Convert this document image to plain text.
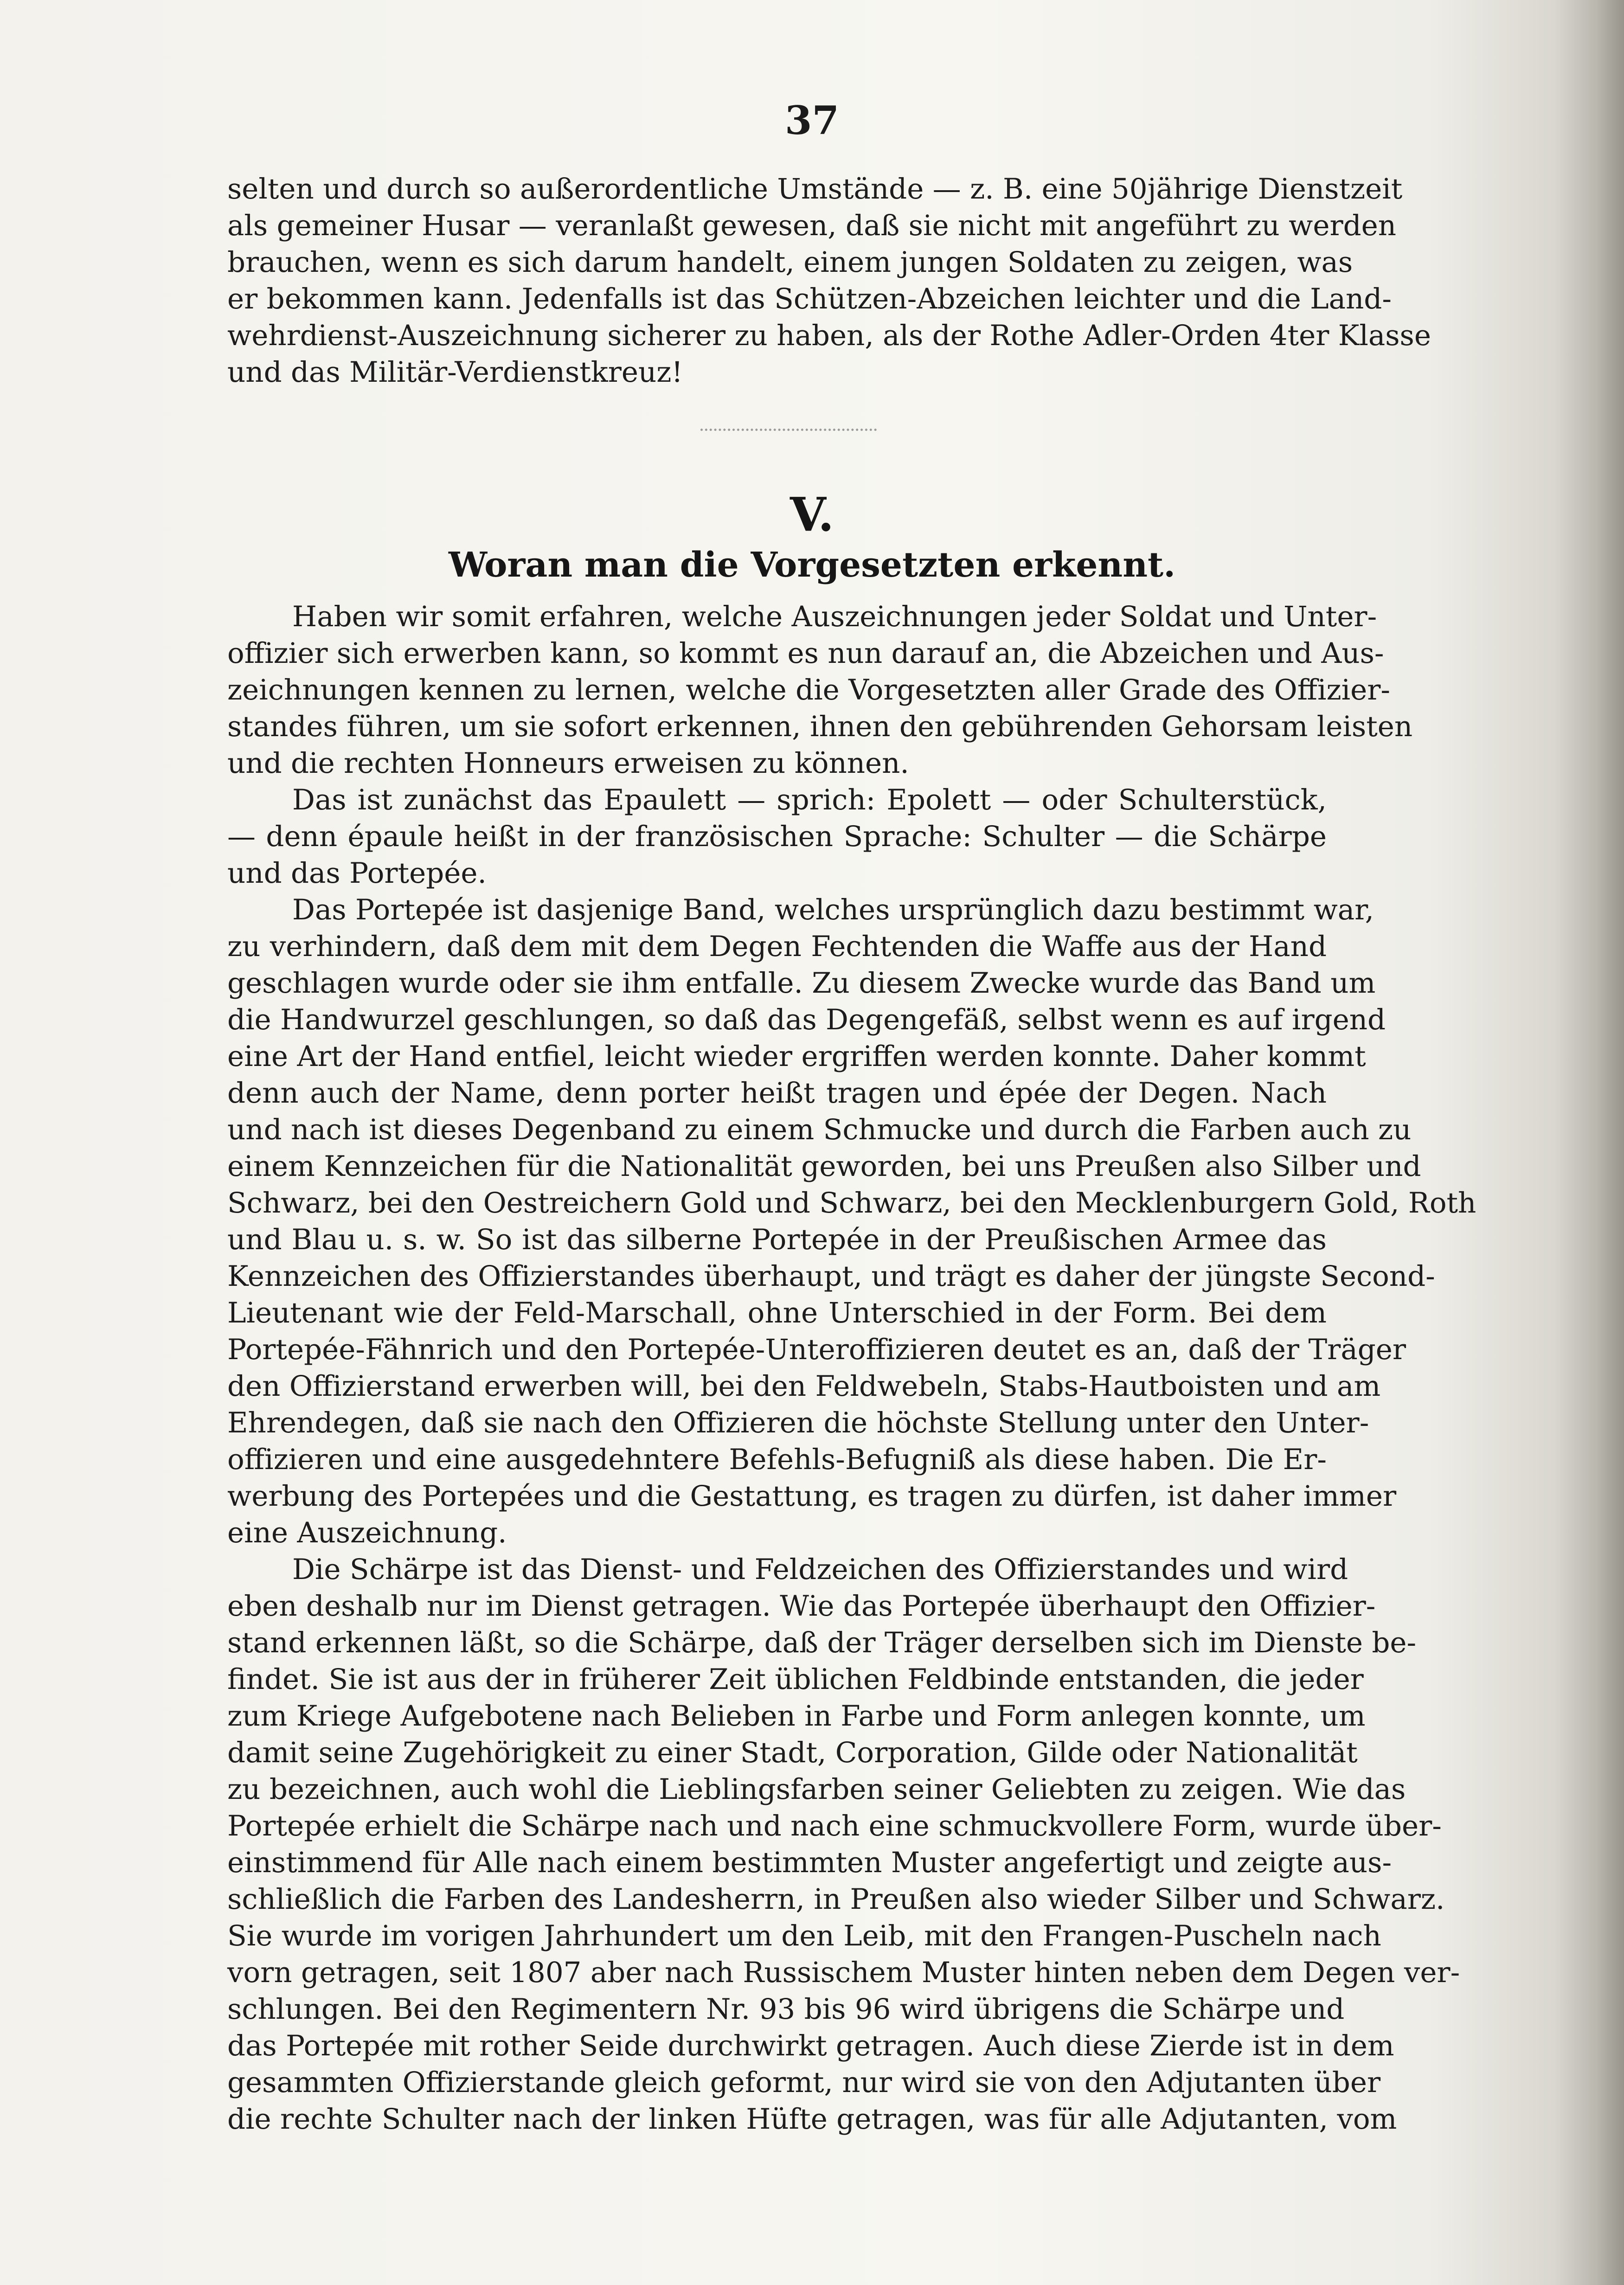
37
selten und durch so außerordentliche Umstände — z. B. eine 50jährige Dienstzeit
als gemeiner Husar — veranlaßt gewesen, daß sie nicht mit angeführt zu werden
brauchen, wenn es sich darum handelt, einem jungen Soldaten zu zeigen, was
er bekommen kann. Jedenfalls ist das Schützen-Abzeichen leichter und die Land-
wehrdienst-Auszeichnung sicherer zu haben, als der Rothe Adler-Orden 4ter Klasse
und das Militär-Verdienstkreuz!
V.
Woran man die Vorgesetzten erkennt.
Haben wir somit erfahren, welche Auszeichnungen jeder Soldat und Unter-
offizier sich erwerben kann, so kommt es nun darauf an, die Abzeichen und Aus-
zeichnungen kennen zu lernen, welche die Vorgesetzten aller Grade des Offizier-
standes führen, um sie sofort erkennen, ihnen den gebührenden Gehorsam leisten
und die rechten Honneurs erweisen zu können.
Das ist zunächst das Epaulett — sprich: Epolett — oder Schulterstück,
— denn épaule heißt in der französischen Sprache: Schulter — die Schärpe
und das Portepée.
Das Portepée ist dasjenige Band, welches ursprünglich dazu bestimmt war,
zu verhindern, daß dem mit dem Degen Fechtenden die Waffe aus der Hand
geschlagen wurde oder sie ihm entfalle. Zu diesem Zwecke wurde das Band um
die Handwurzel geschlungen, so daß das Degengefäß, selbst wenn es auf irgend
eine Art der Hand entfiel, leicht wieder ergriffen werden konnte. Daher kommt
denn auch der Name, denn porter heißt tragen und épée der Degen. Nach
und nach ist dieses Degenband zu einem Schmucke und durch die Farben auch zu
einem Kennzeichen für die Nationalität geworden, bei uns Preußen also Silber und
Schwarz, bei den Oestreichern Gold und Schwarz, bei den Mecklenburgern Gold, Roth
und Blau u. s. w. So ist das silberne Portepée in der Preußischen Armee das
Kennzeichen des Offizierstandes überhaupt, und trägt es daher der jüngste Second-
Lieutenant wie der Feld-Marschall, ohne Unterschied in der Form. Bei dem
Portepée-Fähnrich und den Portepée-Unteroffizieren deutet es an, daß der Träger
den Offizierstand erwerben will, bei den Feldwebeln, Stabs-Hautboisten und am
Ehrendegen, daß sie nach den Offizieren die höchste Stellung unter den Unter-
offizieren und eine ausgedehntere Befehls-Befugniß als diese haben. Die Er-
werbung des Portepées und die Gestattung, es tragen zu dürfen, ist daher immer
eine Auszeichnung.
Die Schärpe ist das Dienst- und Feldzeichen des Offizierstandes und wird
eben deshalb nur im Dienst getragen. Wie das Portepée überhaupt den Offizier-
stand erkennen läßt, so die Schärpe, daß der Träger derselben sich im Dienste be-
findet. Sie ist aus der in früherer Zeit üblichen Feldbinde entstanden, die jeder
zum Kriege Aufgebotene nach Belieben in Farbe und Form anlegen konnte, um
damit seine Zugehörigkeit zu einer Stadt, Corporation, Gilde oder Nationalität
zu bezeichnen, auch wohl die Lieblingsfarben seiner Geliebten zu zeigen. Wie das
Portepée erhielt die Schärpe nach und nach eine schmuckvollere Form, wurde über-
einstimmend für Alle nach einem bestimmten Muster angefertigt und zeigte aus-
schließlich die Farben des Landesherrn, in Preußen also wieder Silber und Schwarz.
Sie wurde im vorigen Jahrhundert um den Leib, mit den Frangen-Puscheln nach
vorn getragen, seit 1807 aber nach Russischem Muster hinten neben dem Degen ver-
schlungen. Bei den Regimentern Nr. 93 bis 96 wird übrigens die Schärpe und
das Portepée mit rother Seide durchwirkt getragen. Auch diese Zierde ist in dem
gesammten Offizierstande gleich geformt, nur wird sie von den Adjutanten über
die rechte Schulter nach der linken Hüfte getragen, was für alle Adjutanten, vom
